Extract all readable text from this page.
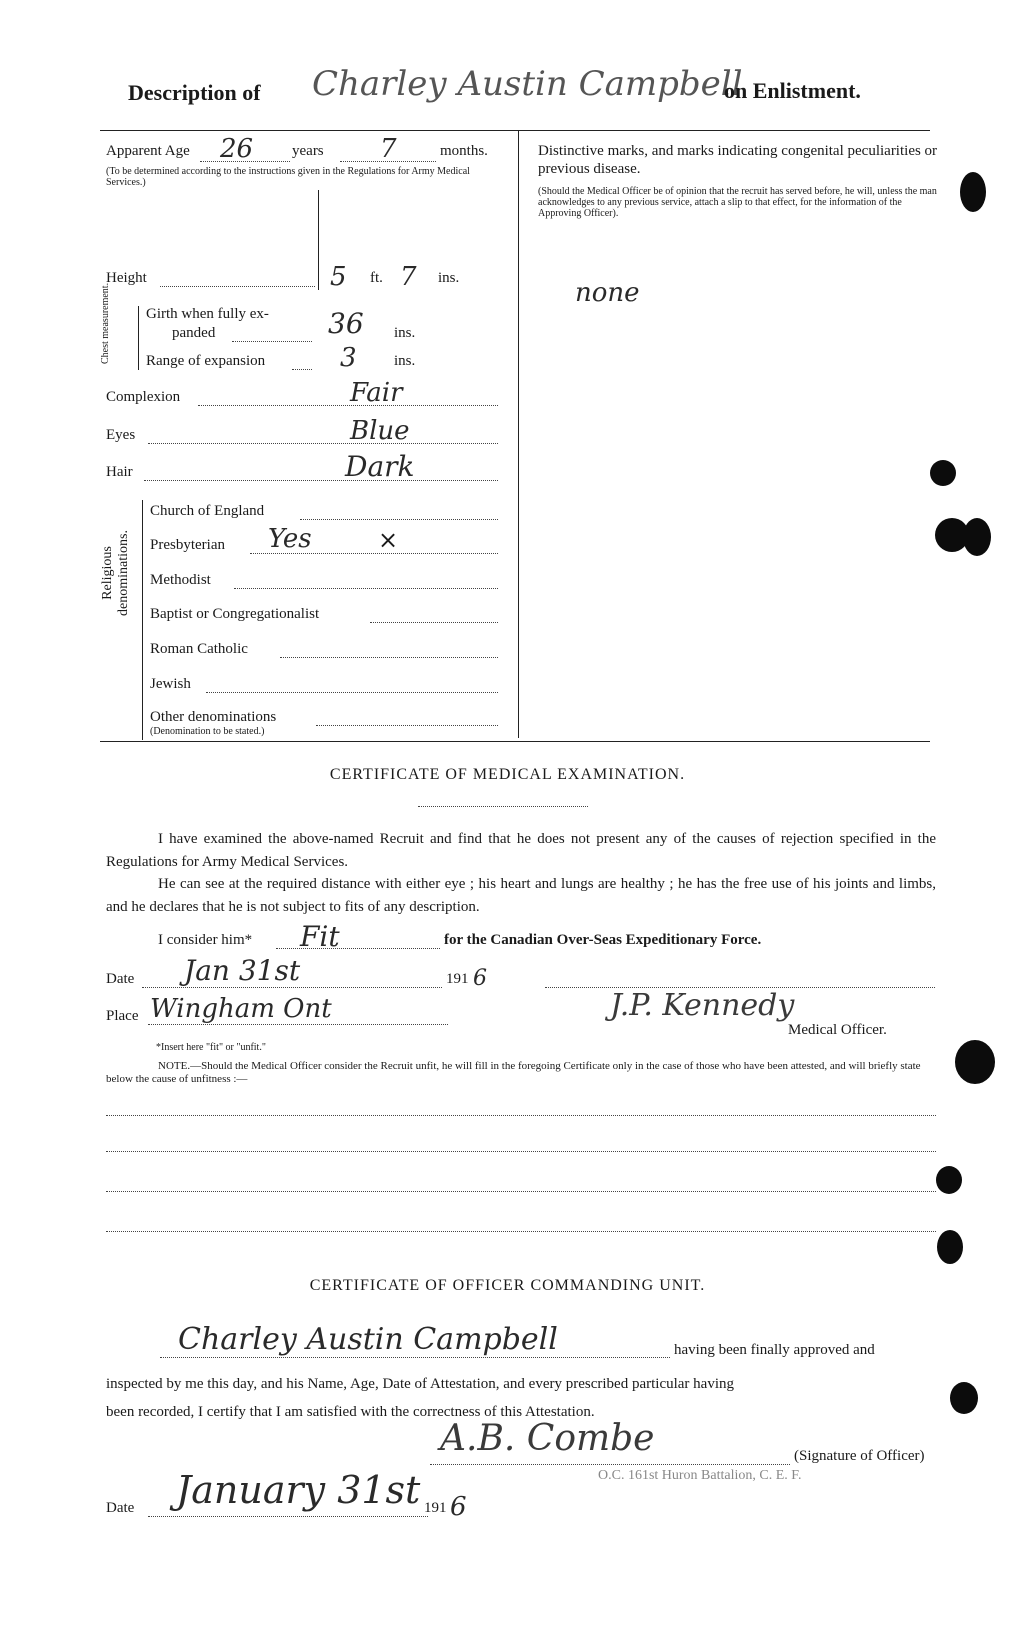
Description of Charley Austin Campbell
on Enlistment.
Apparent Age 26	years 7	months.
(To be determined according to the instructions given in the Regulations for Army Medical Services.)
Height	5 ft. 7 ins.
Chest measurement. Girth when fully ex-
panded	36 ins.
Range of expansion	3 ins.
Complexion	Fair
Eyes	Blue
Hair	Dark
Religious
denominations.
Church of England
Presbyterian Yes	×
Methodist
Baptist or Congregationalist
Roman Catholic
Jewish
Other denominations
(Denomination to be stated.)
Distinctive marks, and marks indicating congenital peculiarities or previous disease.
(Should the Medical Officer be of opinion that the recruit has served before, he will, unless the man acknowledges to any previous service, attach a slip to that effect, for the information of the Approving Officer).
none
CERTIFICATE OF MEDICAL EXAMINATION.
I have examined the above-named Recruit and find that he does not present any of the causes of rejection specified in the Regulations for Army Medical Services.
He can see at the required distance with either eye ; his heart and lungs are healthy ; he has the free use of his joints and limbs, and he declares that he is not subject to fits of any description.
I consider him* Fit	for the Canadian Over-Seas Expeditionary Force.
Date Jan 31st	191 6
Place Wingham Ont	J.P. Kennedy
Medical Officer.
*Insert here "fit" or "unfit."
NOTE.—Should the Medical Officer consider the Recruit unfit, he will fill in the foregoing Certificate only in the case of those who have been attested, and will briefly state below the cause of unfitness :—
CERTIFICATE OF OFFICER COMMANDING UNIT.
Charley Austin Campbell	having been finally approved and
inspected by me this day, and his Name, Age, Date of Attestation, and every prescribed particular having
been recorded, I certify that I am satisfied with the correctness of this Attestation.
A.B. Combe	(Signature of Officer)
O.C. 161st Huron Battalion, C. E. F.
Date January 31st 191 6
